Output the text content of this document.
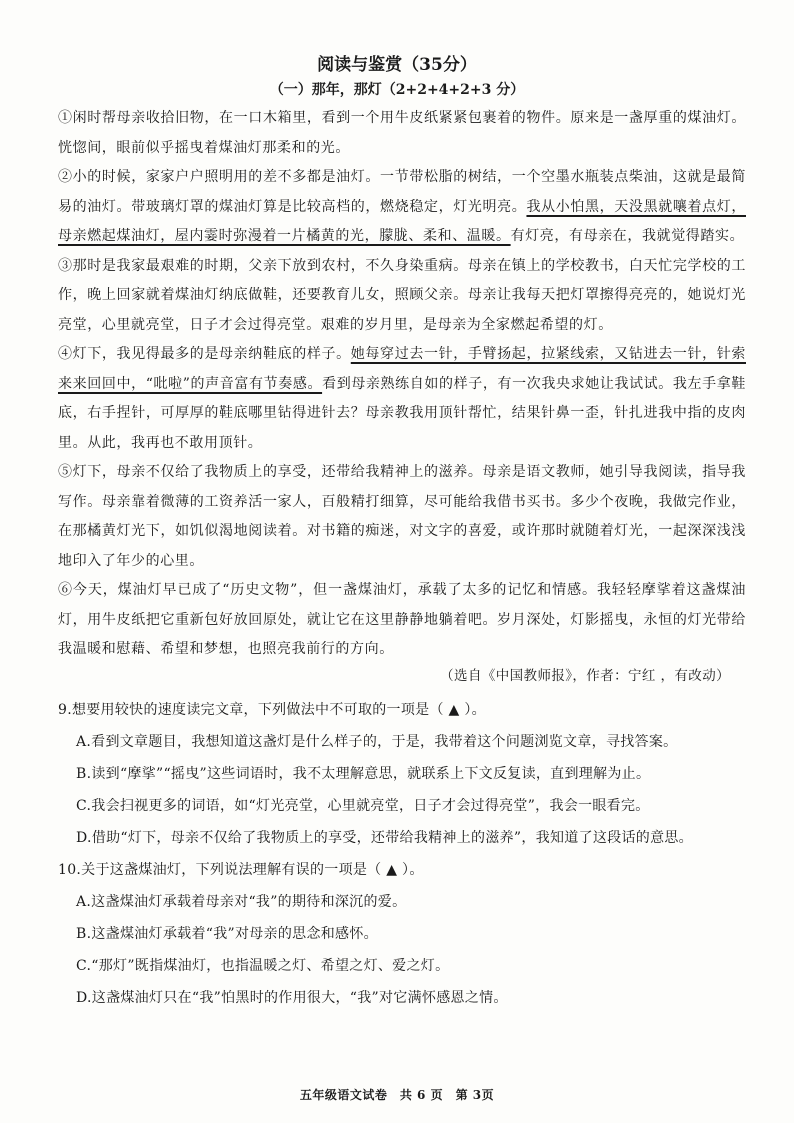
阅读与鉴赏（35分）
（一）那年，那灯（2+2+4+2+3 分）

①闲时帮母亲收拾旧物，在一口木箱里，看到一个用牛皮纸紧紧包裹着的物件。原来是一盏厚重的煤油灯。恍惚间，眼前似乎摇曳着煤油灯那柔和的光。

②小的时候，家家户户照明用的差不多都是油灯。一节带松脂的树结，一个空墨水瓶装点柴油，这就是最简易的油灯。带玻璃灯罩的煤油灯算是比较高档的，燃烧稳定，灯光明亮。我从小怕黑，天没黑就嚷着点灯，母亲燃起煤油灯，屋内霎时弥漫着一片橘黄的光，朦胧、柔和、温暖。有灯亮，有母亲在，我就觉得踏实。

③那时是我家最艰难的时期，父亲下放到农村，不久身染重病。母亲在镇上的学校教书，白天忙完学校的工作，晚上回家就着煤油灯纳底做鞋，还要教育儿女，照顾父亲。母亲让我每天把灯罩擦得亮亮的，她说灯光亮堂，心里就亮堂，日子才会过得亮堂。艰难的岁月里，是母亲为全家燃起希望的灯。

④灯下，我见得最多的是母亲纳鞋底的样子。她每穿过去一针，手臂扬起，拉紧线索，又钻进去一针，针索来来回回中，“吡啦”的声音富有节奏感。看到母亲熟练自如的样子，有一次我央求她让我试试。我左手拿鞋底，右手捏针，可厚厚的鞋底哪里钻得进针去？母亲教我用顶针帮忙，结果针鼻一歪，针扎进我中指的皮肉里。从此，我再也不敢用顶针。

⑤灯下，母亲不仅给了我物质上的享受，还带给我精神上的滋养。母亲是语文教师，她引导我阅读，指导我写作。母亲靠着微薄的工资养活一家人，百般精打细算，尽可能给我借书买书。多少个夜晚，我做完作业，在那橘黄灯光下，如饥似渴地阅读着。对书籍的痴迷，对文字的喜爱，或许那时就随着灯光，一起深深浅浅地印入了年少的心里。

⑥今天，煤油灯早已成了“历史文物”，但一盏煤油灯，承载了太多的记忆和情感。我轻轻摩挲着这盏煤油灯，用牛皮纸把它重新包好放回原处，就让它在这里静静地躺着吧。岁月深处，灯影摇曳，永恒的灯光带给我温暖和慰藉、希望和梦想，也照亮我前行的方向。

（选自《中国教师报》，作者：宁红 ，有改动）

9.想要用较快的速度读完文章，下列做法中不可取的一项是（ ▲ ）。

A.看到文章题目，我想知道这盏灯是什么样子的，于是，我带着这个问题浏览文章，寻找答案。

B.读到“摩挲”“摇曳”这些词语时，我不太理解意思，就联系上下文反复读，直到理解为止。

C.我会扫视更多的词语，如“灯光亮堂，心里就亮堂，日子才会过得亮堂”，我会一眼看完。

D.借助“灯下，母亲不仅给了我物质上的享受，还带给我精神上的滋养”，我知道了这段话的意思。

10.关于这盏煤油灯，下列说法理解有误的一项是（ ▲ ）。

A.这盏煤油灯承载着母亲对“我”的期待和深沉的爱。

B.这盏煤油灯承载着“我”对母亲的思念和感怀。

C.“那灯”既指煤油灯，也指温暖之灯、希望之灯、爱之灯。

D.这盏煤油灯只在“我”怕黑时的作用很大，“我”对它满怀感恩之情。

五年级语文试卷　共 6 页　第 3页
